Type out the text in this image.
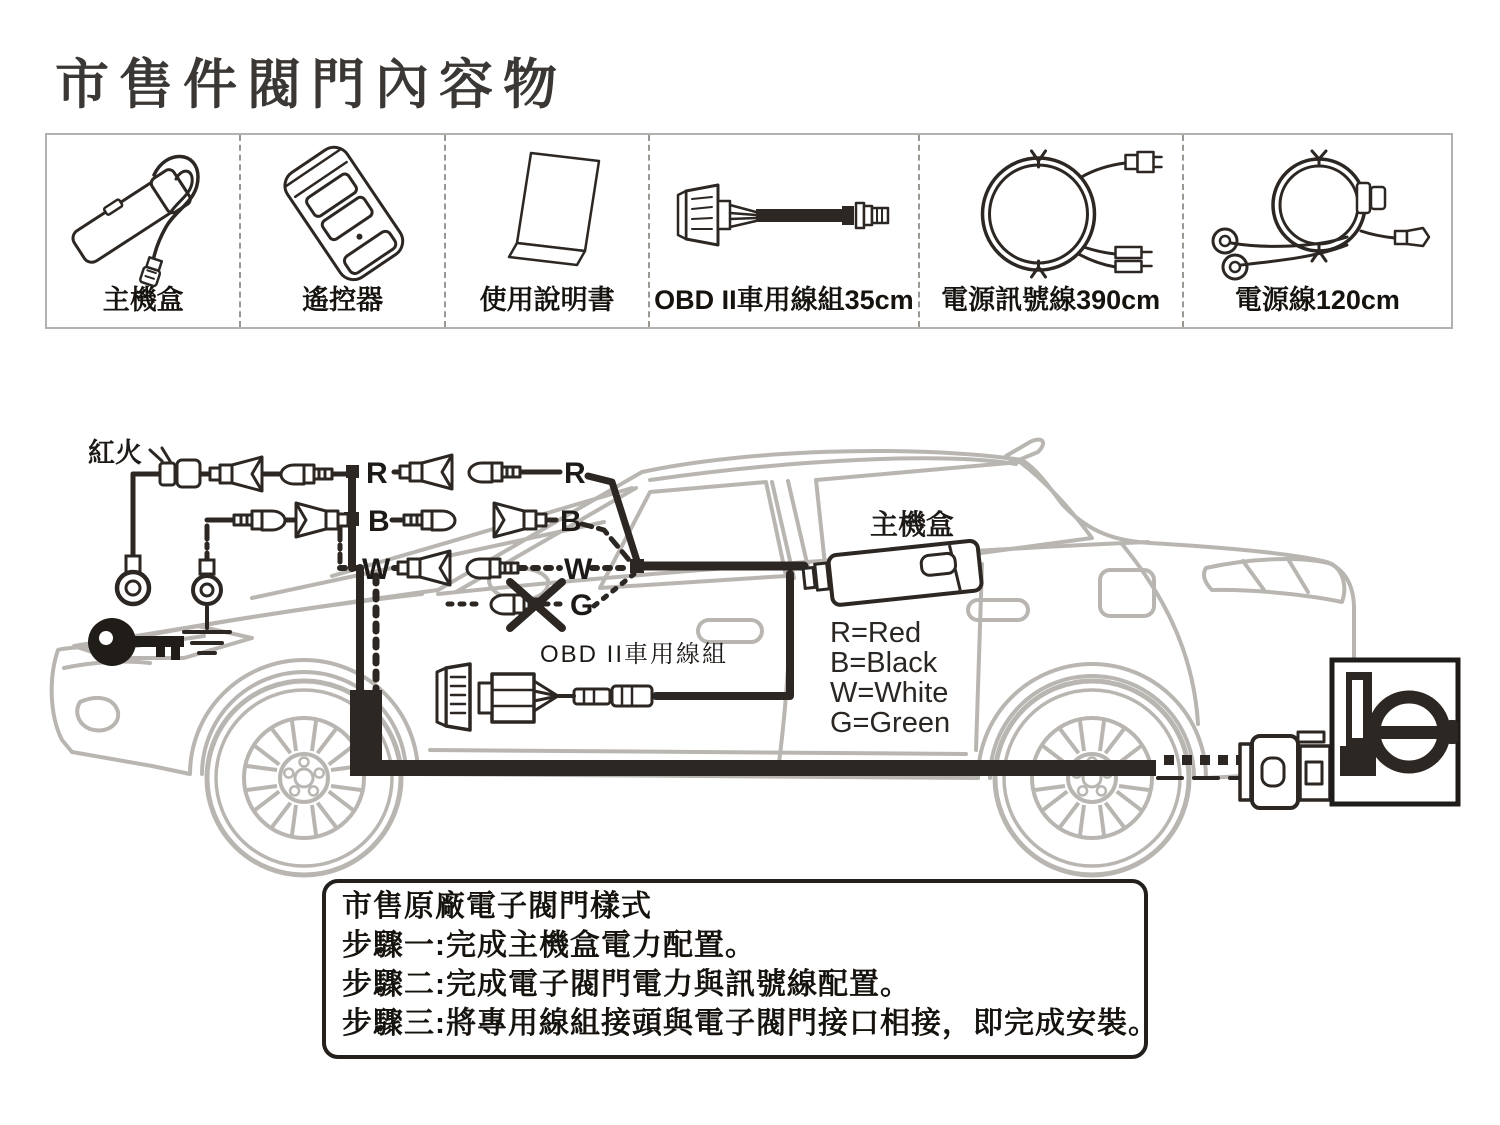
市售件閥門內容物
主機盒	遙控器	使用說明書	OBD II車用線組35cm	電源訊號線390cm	電源線120cm
紅火
R	R
B	B
W	W
G
主機盒
OBD II車用線組
R=Red
B=Black
W=White
G=Green
市售原廠電子閥門樣式
步驟一:完成主機盒電力配置。
步驟二:完成電子閥門電力與訊號線配置。
步驟三:將專用線組接頭與電子閥門接口相接，即完成安裝。
